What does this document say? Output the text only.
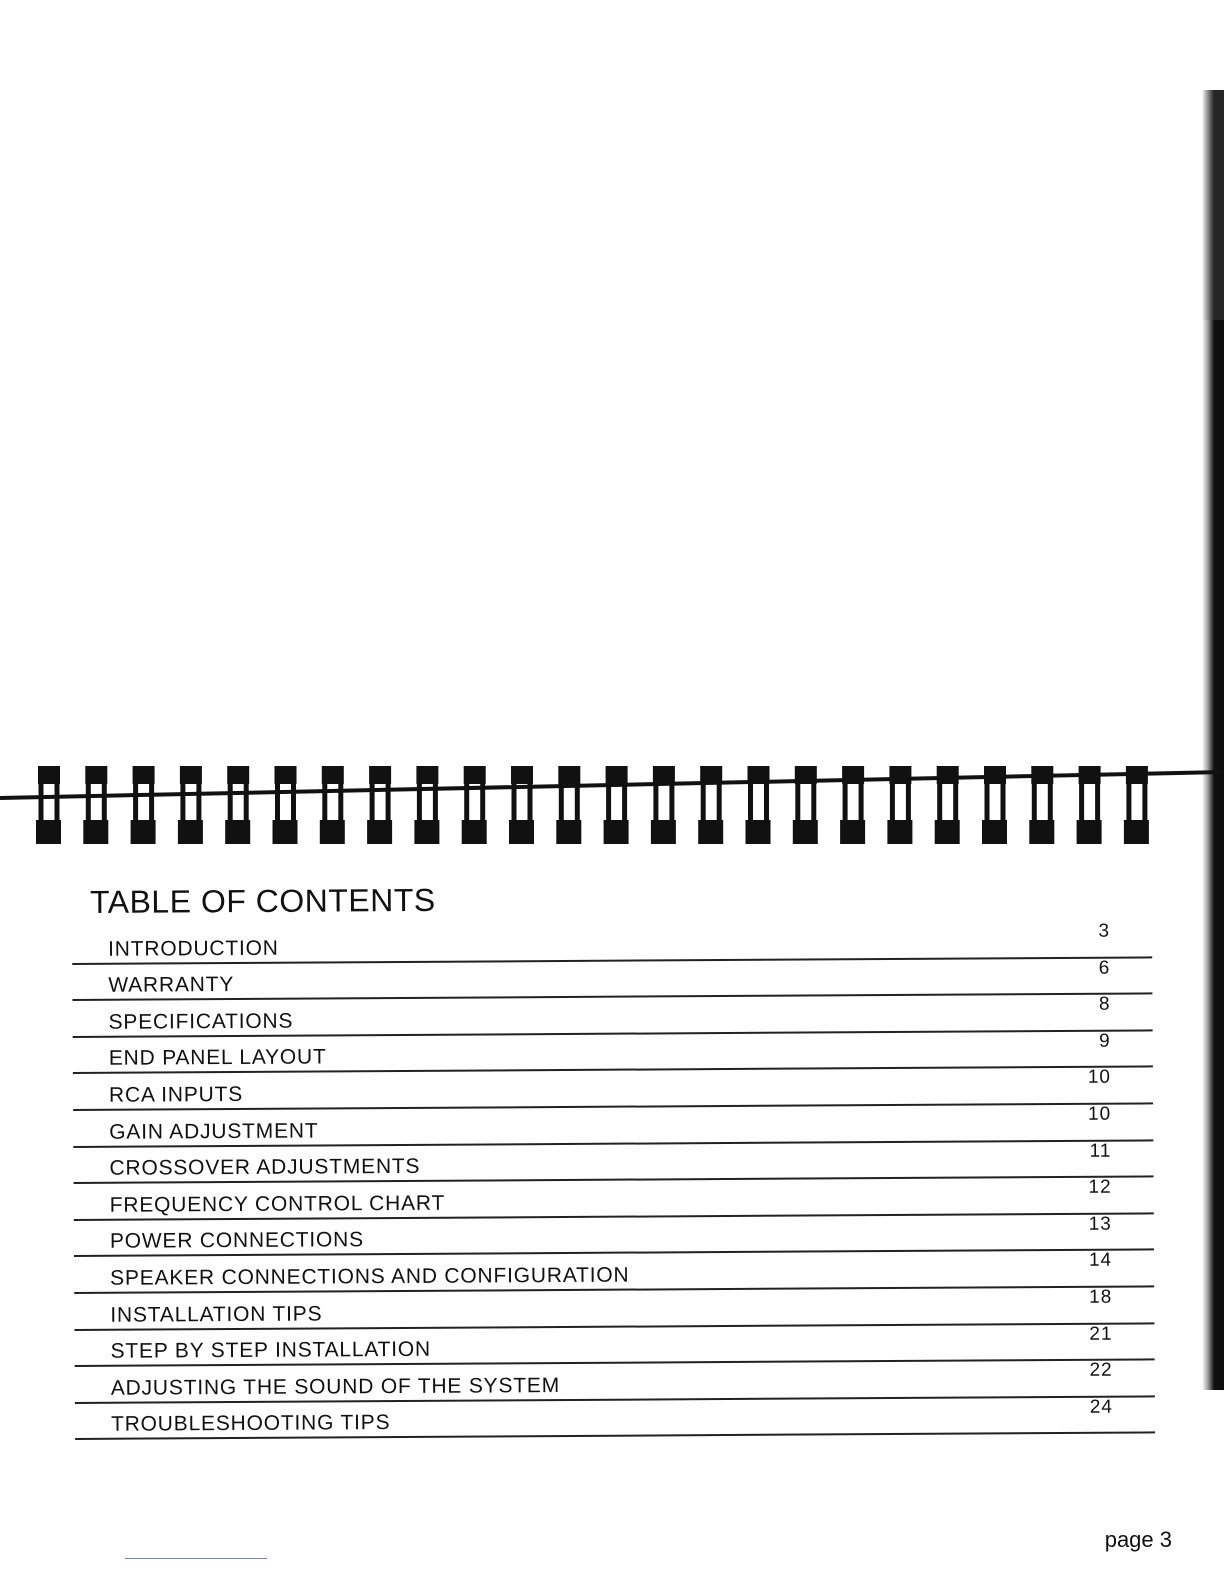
TABLE OF CONTENTS
INTRODUCTION
3
WARRANTY
6
SPECIFICATIONS
8
END PANEL LAYOUT
9
RCA INPUTS
10
GAIN ADJUSTMENT
10
CROSSOVER ADJUSTMENTS
11
FREQUENCY CONTROL CHART
12
POWER CONNECTIONS
13
SPEAKER CONNECTIONS AND CONFIGURATION
14
INSTALLATION TIPS
18
STEP BY STEP INSTALLATION
21
ADJUSTING THE SOUND OF THE SYSTEM
22
TROUBLESHOOTING TIPS
24
page 3
